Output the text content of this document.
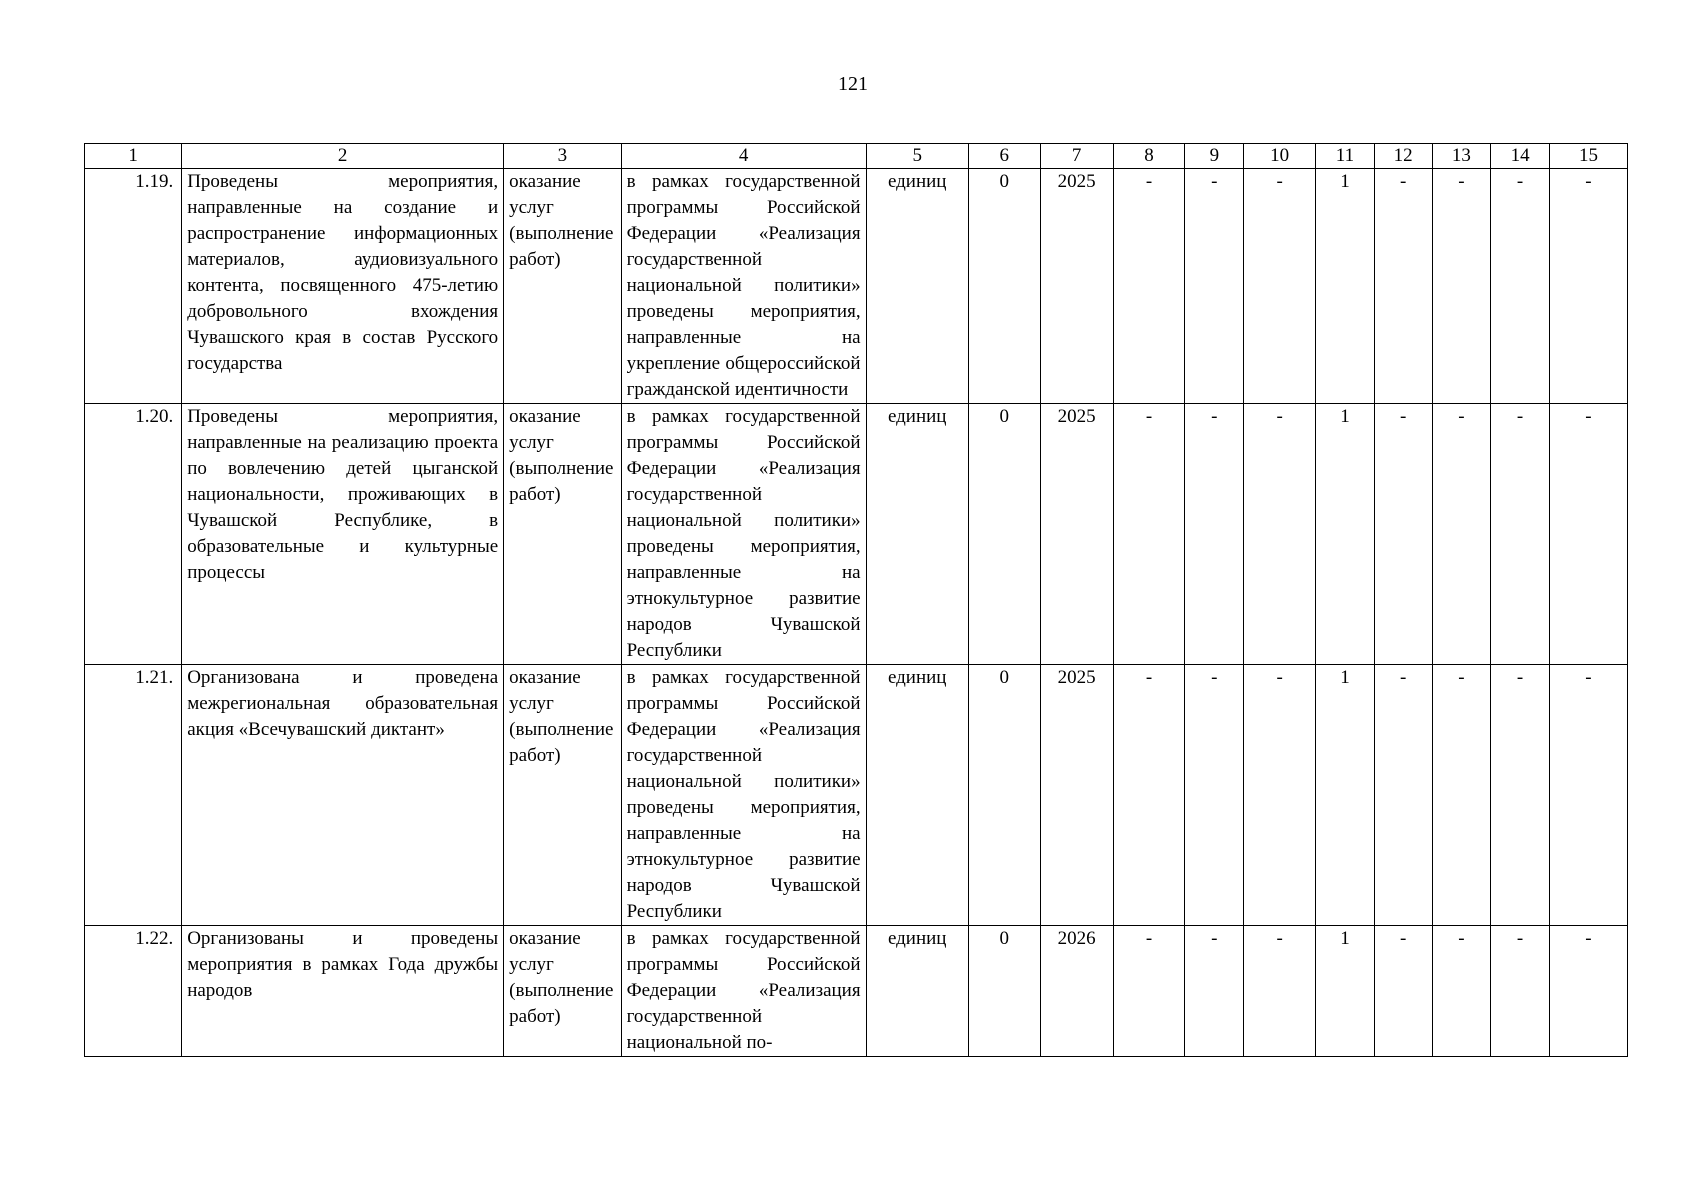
121
1	2	3	4	5	6	7	8	9	10	11	12	13	14	15
1.19.	Проведены мероприятия, направленные на создание и распространение информационных материалов, аудиовизуального контента, посвященного 475-летию добровольного вхождения Чувашского края в состав Русского государства	оказание услуг (выполнение работ)	в рамках государственной программы Российской Федерации «Реализация государственной национальной политики» проведены мероприятия, направленные на укрепление общероссийской гражданской идентичности	единиц	0	2025	-	-	-	1	-	-	-	-
1.20.	Проведены мероприятия, направленные на реализацию проекта по вовлечению детей цыганской национальности, проживающих в Чувашской Республике, в образовательные и культурные процессы	оказание услуг (выполнение работ)	в рамках государственной программы Российской Федерации «Реализация государственной национальной политики» проведены мероприятия, направленные на этнокультурное развитие народов Чувашской Республики	единиц	0	2025	-	-	-	1	-	-	-	-
1.21.	Организована и проведена межрегиональная образовательная акция «Всечувашский диктант»	оказание услуг (выполнение работ)	в рамках государственной программы Российской Федерации «Реализация государственной национальной политики» проведены мероприятия, направленные на этнокультурное развитие народов Чувашской Республики	единиц	0	2025	-	-	-	1	-	-	-	-
1.22.	Организованы и проведены мероприятия в рамках Года дружбы народов	оказание услуг (выполнение работ)	в рамках государственной программы Российской Федерации «Реализация государственной национальной по-	единиц	0	2026	-	-	-	1	-	-	-	-
